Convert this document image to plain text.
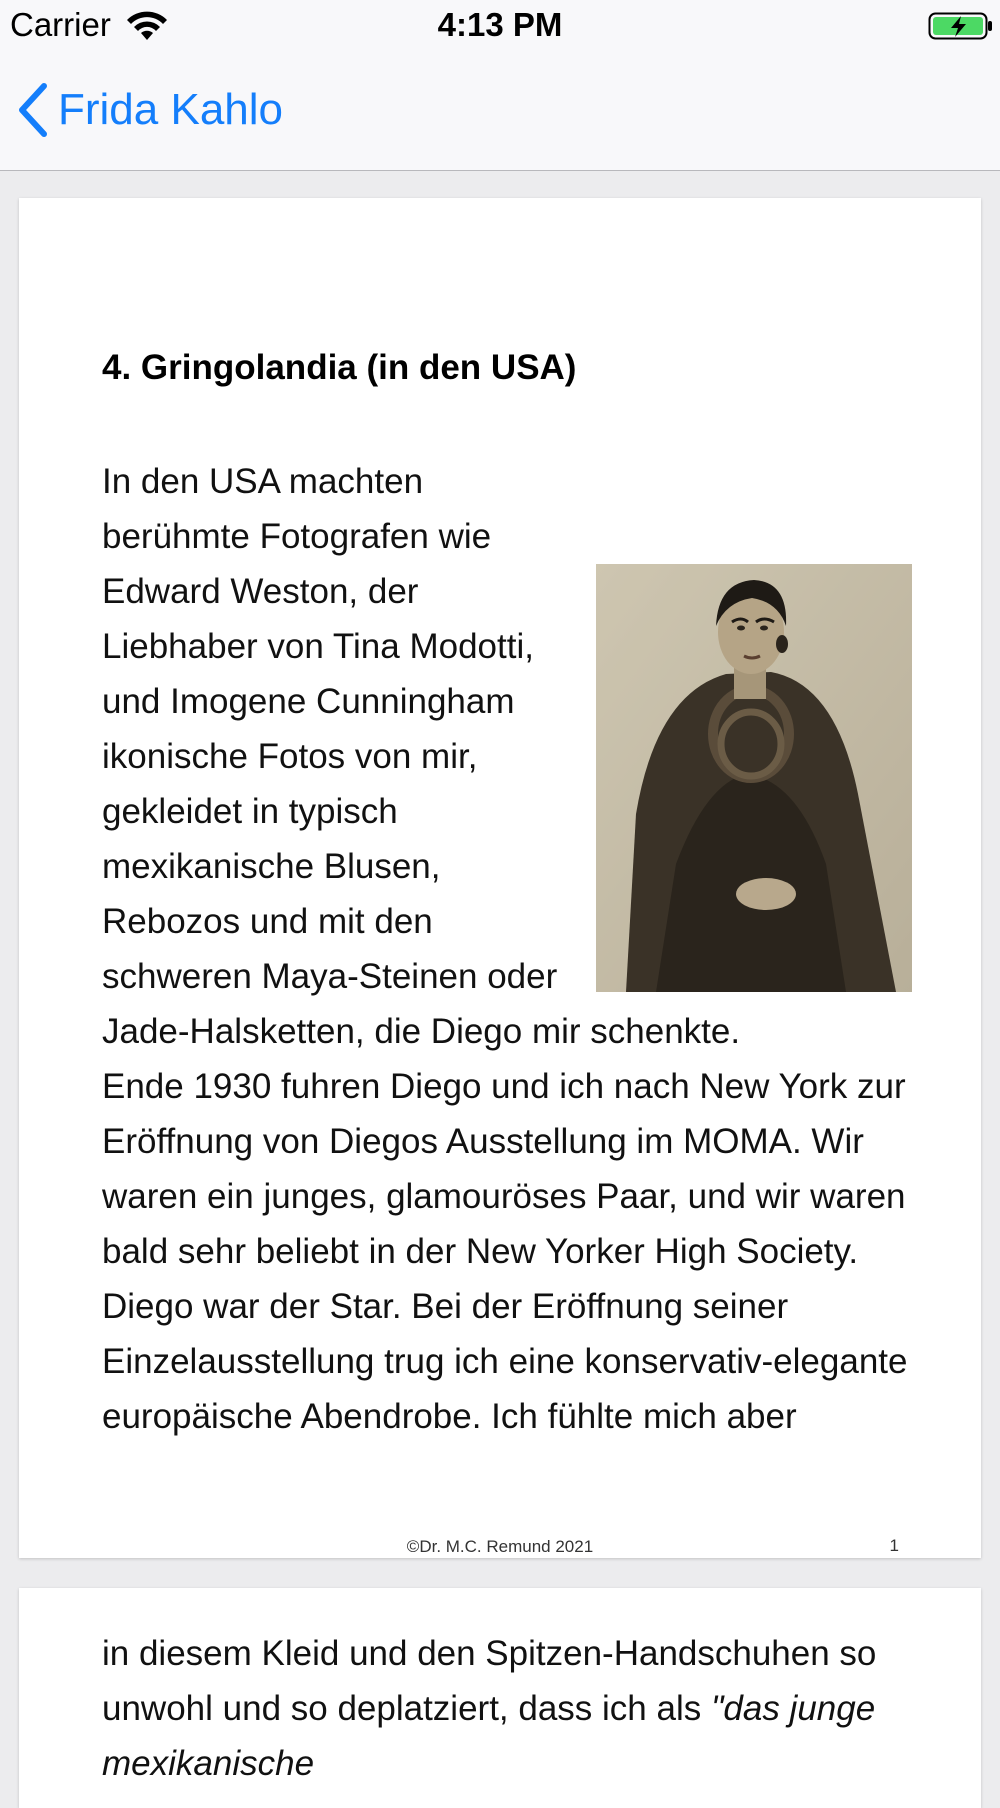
Carrier	4:13 PM
Frida Kahlo
4. Gringolandia (in den USA)

In den USA machten berühmte Fotografen wie Edward Weston, der Liebhaber von Tina Modotti, und Imogene Cunningham ikonische Fotos von mir, gekleidet in typisch mexikanische Blusen, Rebozos und mit den schweren Maya-Steinen oder Jade-Halsketten, die Diego mir schenkte.

Ende 1930 fuhren Diego und ich nach New York zur Eröffnung von Diegos Ausstellung im MOMA. Wir waren ein junges, glamouröses Paar, und wir waren bald sehr beliebt in der New Yorker High Society. Diego war der Star. Bei der Eröffnung seiner Einzelausstellung trug ich eine konservativ-elegante europäische Abendrobe. Ich fühlte mich aber

©Dr. M.C. Remund 2021	1
in diesem Kleid und den Spitzen-Handschuhen so unwohl und so deplatziert, dass ich als "das junge mexikanische
